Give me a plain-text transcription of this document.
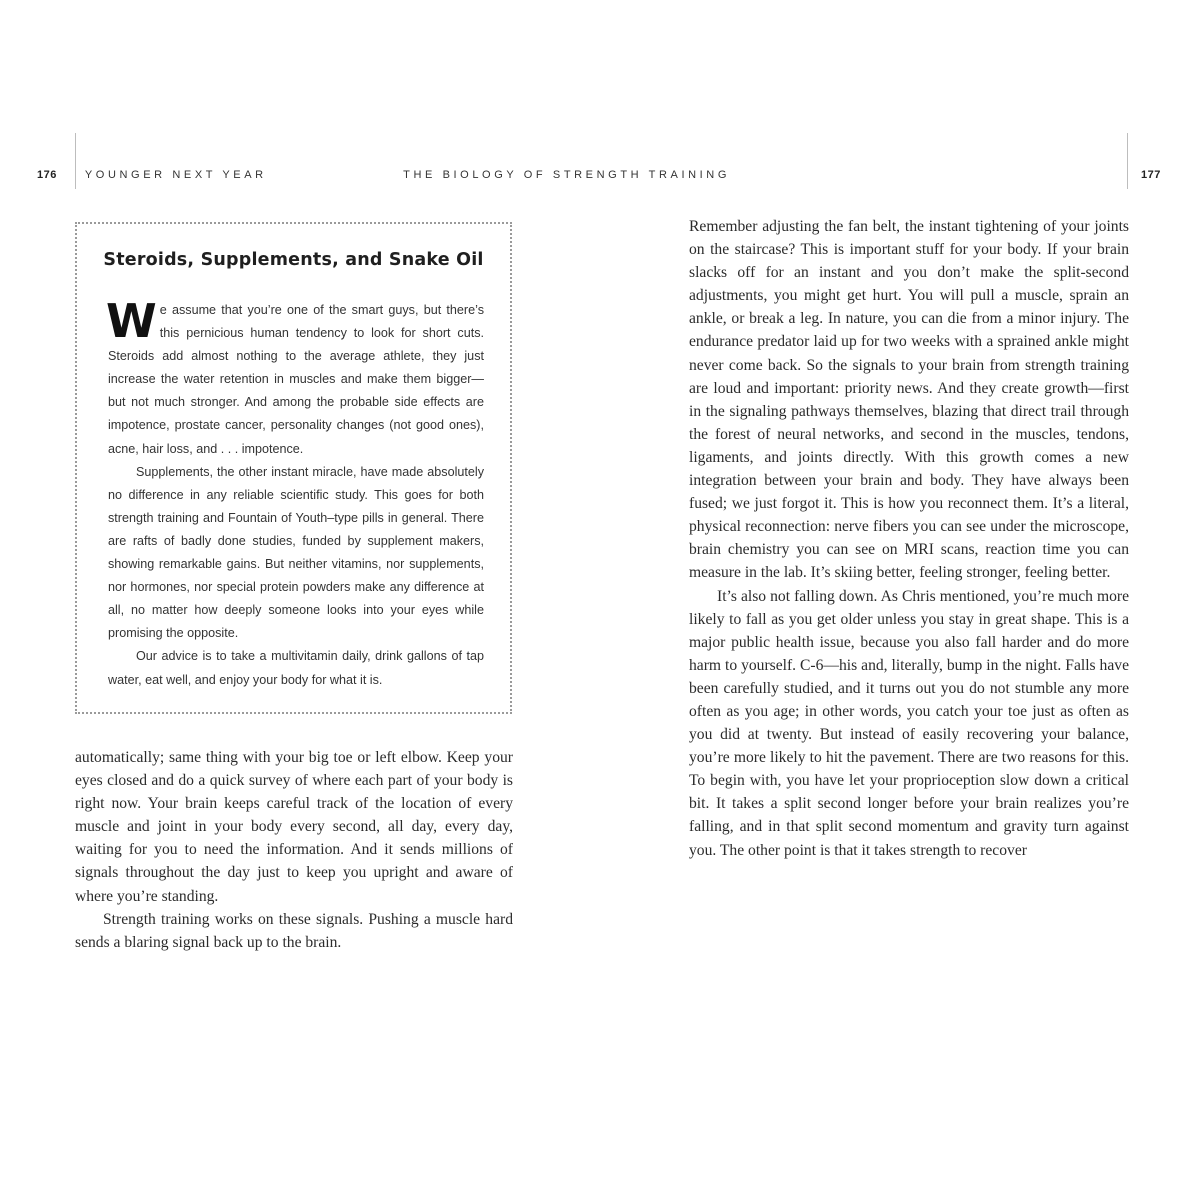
176	YOUNGER NEXT YEAR
Steroids, Supplements, and Snake Oil

We assume that you’re one of the smart guys, but there’s this pernicious human tendency to look for short cuts. Steroids add almost nothing to the average athlete, they just increase the water retention in muscles and make them bigger—but not much stronger. And among the probable side effects are impotence, prostate cancer, personality changes (not good ones), acne, hair loss, and . . . impotence.

Supplements, the other instant miracle, have made absolutely no difference in any reliable scientific study. This goes for both strength training and Fountain of Youth–type pills in general. There are rafts of badly done studies, funded by supplement makers, showing remarkable gains. But neither vitamins, nor supplements, nor hormones, nor special protein powders make any difference at all, no matter how deeply someone looks into your eyes while promising the opposite.

Our advice is to take a multivitamin daily, drink gallons of tap water, eat well, and enjoy your body for what it is.

automatically; same thing with your big toe or left elbow. Keep your eyes closed and do a quick survey of where each part of your body is right now. Your brain keeps careful track of the location of every muscle and joint in your body every second, all day, every day, waiting for you to need the information. And it sends millions of signals throughout the day just to keep you upright and aware of where you’re standing.

Strength training works on these signals. Pushing a muscle hard sends a blaring signal back up to the brain.

THE BIOLOGY OF STRENGTH TRAINING	177

Remember adjusting the fan belt, the instant tightening of your joints on the staircase? This is important stuff for your body. If your brain slacks off for an instant and you don’t make the split-second adjustments, you might get hurt. You will pull a muscle, sprain an ankle, or break a leg. In nature, you can die from a minor injury. The endurance predator laid up for two weeks with a sprained ankle might never come back. So the signals to your brain from strength training are loud and important: priority news. And they create growth—first in the signaling pathways themselves, blazing that direct trail through the forest of neural networks, and second in the muscles, tendons, ligaments, and joints directly. With this growth comes a new integration between your brain and body. They have always been fused; we just forgot it. This is how you reconnect them. It’s a literal, physical reconnection: nerve fibers you can see under the microscope, brain chemistry you can see on MRI scans, reaction time you can measure in the lab. It’s skiing better, feeling stronger, feeling better.

It’s also not falling down. As Chris mentioned, you’re much more likely to fall as you get older unless you stay in great shape. This is a major public health issue, because you also fall harder and do more harm to yourself. C-6—his and, literally, bump in the night. Falls have been carefully studied, and it turns out you do not stumble any more often as you age; in other words, you catch your toe just as often as you did at twenty. But instead of easily recovering your balance, you’re more likely to hit the pavement. There are two reasons for this. To begin with, you have let your proprioception slow down a critical bit. It takes a split second longer before your brain realizes you’re falling, and in that split second momentum and gravity turn against you. The other point is that it takes strength to recover
